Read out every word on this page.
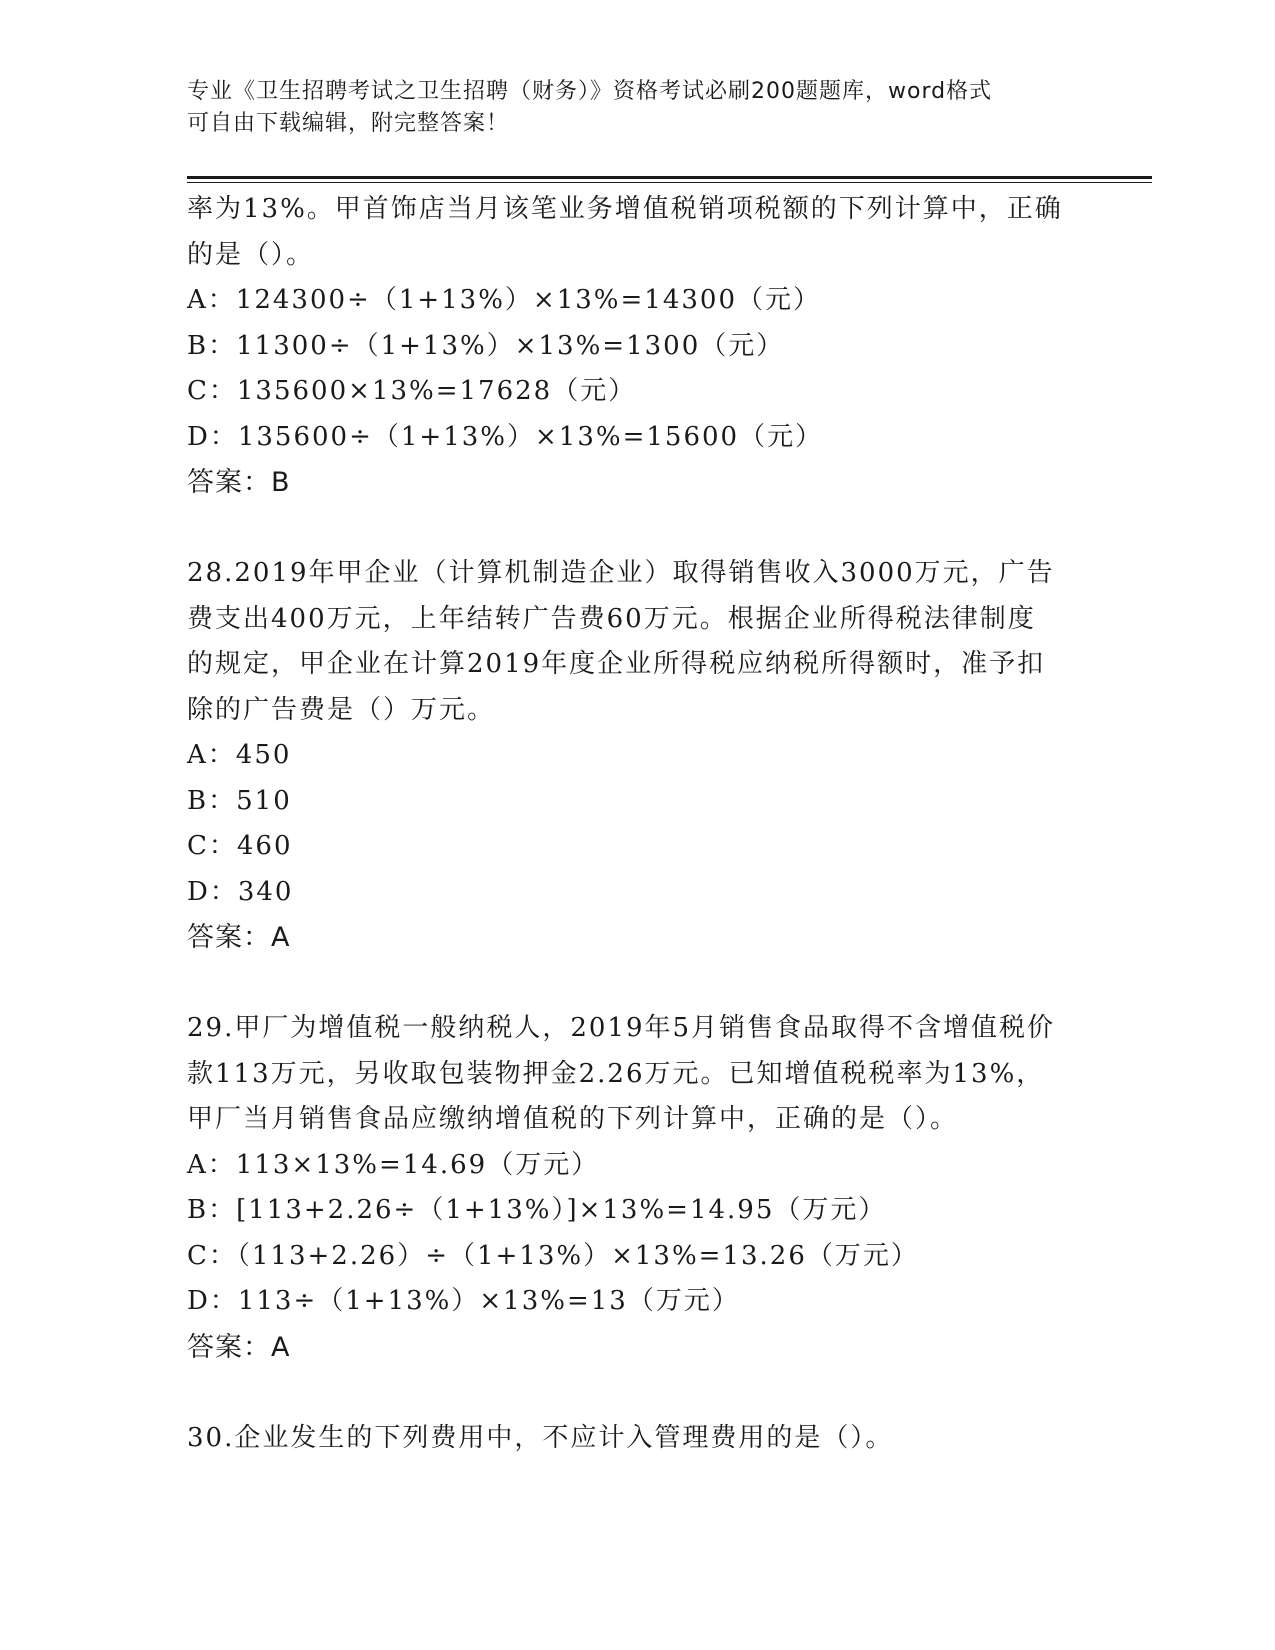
专业《卫生招聘考试之卫生招聘（财务）》资格考试必刷200题题库，word格式
可自由下载编辑，附完整答案！
率为13%。甲首饰店当月该笔业务增值税销项税额的下列计算中，正确
的是（）。
A：124300÷（1+13%）×13%=14300（元）
B：11300÷（1+13%）×13%=1300（元）
C：135600×13%=17628（元）
D：135600÷（1+13%）×13%=15600（元）
答案：B
28.2019年甲企业（计算机制造企业）取得销售收入3000万元，广告
费支出400万元，上年结转广告费60万元。根据企业所得税法律制度
的规定，甲企业在计算2019年度企业所得税应纳税所得额时，准予扣
除的广告费是（）万元。
A：450
B：510
C：460
D：340
答案：A
29.甲厂为增值税一般纳税人，2019年5月销售食品取得不含增值税价
款113万元，另收取包装物押金2.26万元。已知增值税税率为13%，
甲厂当月销售食品应缴纳增值税的下列计算中，正确的是（）。
A：113×13%=14.69（万元）
B：[113+2.26÷（1+13%）]×13%=14.95（万元）
C：（113+2.26）÷（1+13%）×13%=13.26（万元）
D：113÷（1+13%）×13%=13（万元）
答案：A
30.企业发生的下列费用中，不应计入管理费用的是（）。
